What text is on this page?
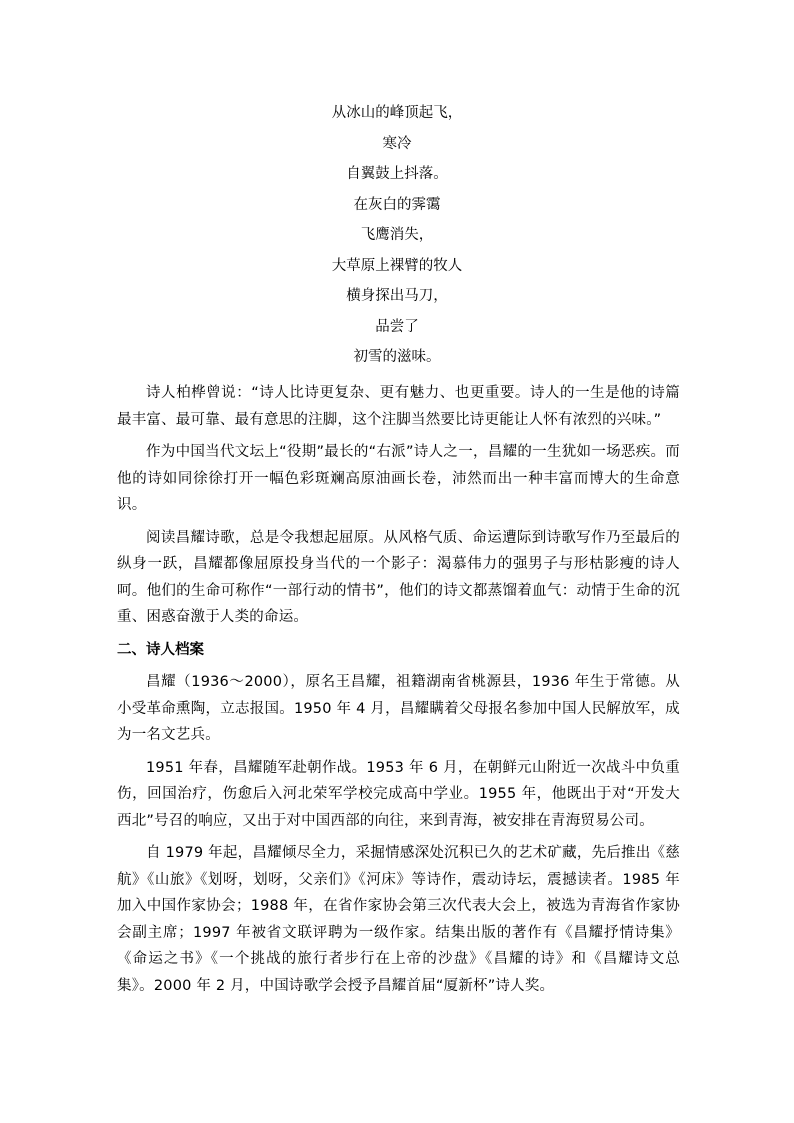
从冰山的峰顶起飞，
寒冷
自翼鼓上抖落。
在灰白的霁霭
飞鹰消失，
大草原上裸臂的牧人
横身探出马刀，
品尝了
初雪的滋味。

诗人柏桦曾说：“诗人比诗更复杂、更有魅力、也更重要。诗人的一生是他的诗篇最丰富、最可靠、最有意思的注脚，这个注脚当然要比诗更能让人怀有浓烈的兴味。”

作为中国当代文坛上“役期”最长的“右派”诗人之一，昌耀的一生犹如一场恶疾。而他的诗如同徐徐打开一幅色彩斑斓高原油画长卷，沛然而出一种丰富而博大的生命意识。

阅读昌耀诗歌，总是令我想起屈原。从风格气质、命运遭际到诗歌写作乃至最后的纵身一跃，昌耀都像屈原投身当代的一个影子：渴慕伟力的强男子与形枯影瘦的诗人呵。他们的生命可称作“一部行动的情书”，他们的诗文都蒸馏着血气：动情于生命的沉重、困惑奋激于人类的命运。

二、诗人档案

昌耀（1936～2000），原名王昌耀，祖籍湖南省桃源县，1936 年生于常德。从小受革命熏陶，立志报国。1950 年 4 月，昌耀瞒着父母报名参加中国人民解放军，成为一名文艺兵。

1951 年春，昌耀随军赴朝作战。1953 年 6 月，在朝鲜元山附近一次战斗中负重伤，回国治疗，伤愈后入河北荣军学校完成高中学业。1955 年，他既出于对“开发大西北”号召的响应，又出于对中国西部的向往，来到青海，被安排在青海贸易公司。

自 1979 年起，昌耀倾尽全力，采掘情感深处沉积已久的艺术矿藏，先后推出《慈航》《山旅》《划呀，划呀，父亲们》《河床》等诗作，震动诗坛，震撼读者。1985 年加入中国作家协会；1988 年，在省作家协会第三次代表大会上，被选为青海省作家协会副主席；1997 年被省文联评聘为一级作家。结集出版的著作有《昌耀抒情诗集》《命运之书》《一个挑战的旅行者步行在上帝的沙盘》《昌耀的诗》和《昌耀诗文总集》。2000 年 2 月，中国诗歌学会授予昌耀首届“厦新杯”诗人奖。
